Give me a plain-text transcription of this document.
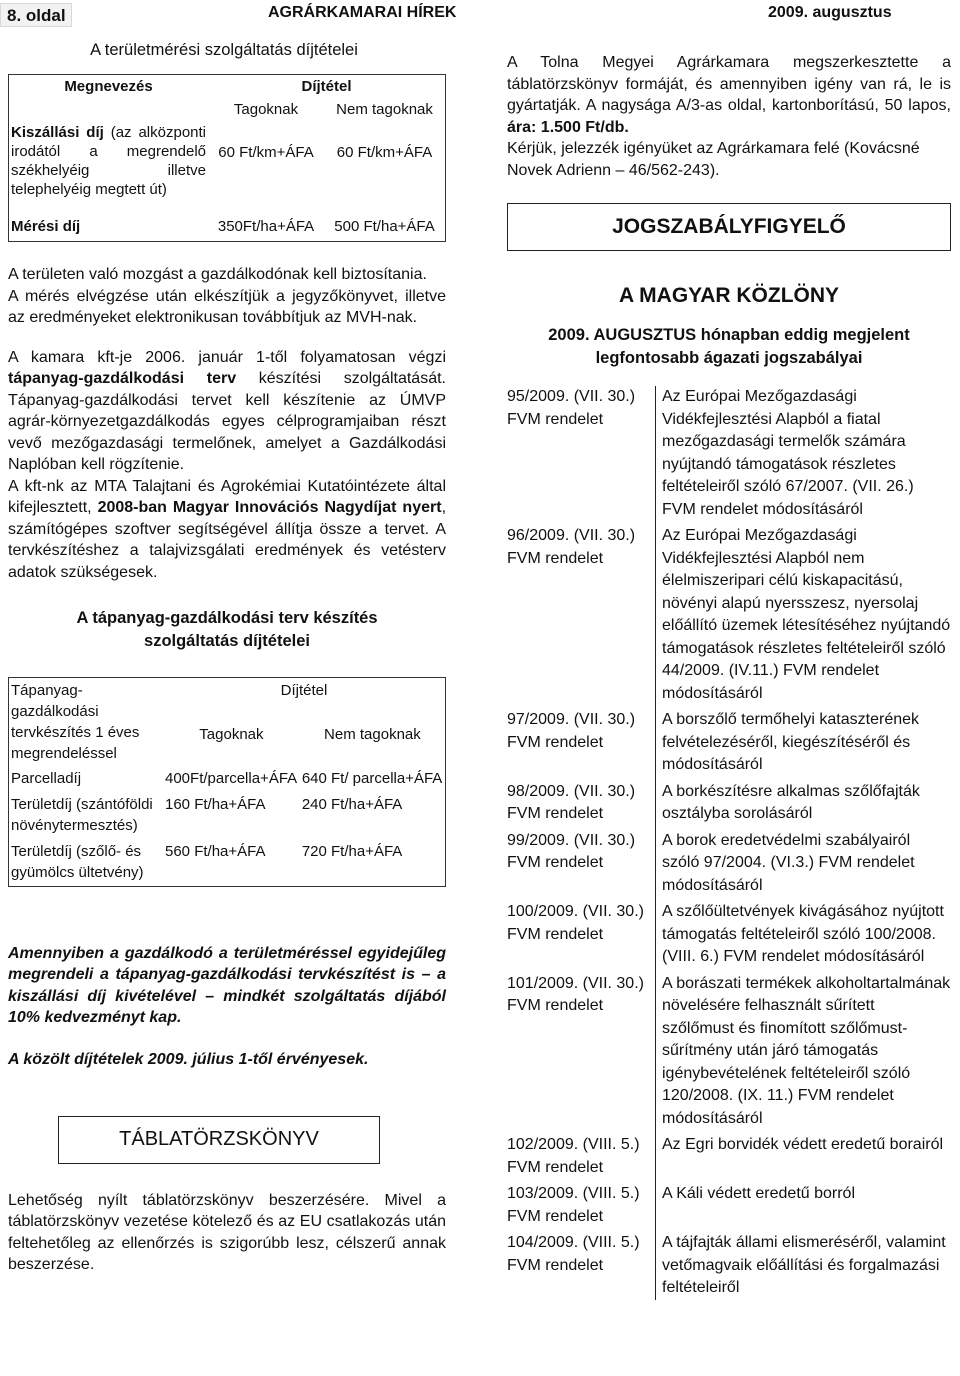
8. oldal	AGRÁRKAMARAI HÍREK	2009. augusztus
A területmérési szolgáltatás díjtételei
Megnevezés	Díjtétel	
	Tagoknak	Nem tagoknak
Kiszállási díj (az alközponti irodától a megrendelő székhelyéig illetve telephelyéig megtett út)	60 Ft/km+ÁFA	60 Ft/km+ÁFA
Mérési díj	350Ft/ha+ÁFA	500 Ft/ha+ÁFA

A területen való mozgást a gazdálkodónak kell biztosítania.

A mérés elvégzése után elkészítjük a jegyzőkönyvet, illetve az eredményeket elektronikusan továbbítjuk az MVH-nak.

A kamara kft-je 2006. január 1-től folyamatosan végzi tápanyag-gazdálkodási terv készítési szolgáltatását. Tápanyag-gazdálkodási tervet kell készítenie az ÚMVP agrár-környezetgazdálkodás egyes célprogramjaiban részt vevő mezőgazdasági termelőnek, amelyet a Gazdálkodási Naplóban kell rögzítenie.

A kft-nk az MTA Talajtani és Agrokémiai Kutatóintézete által kifejlesztett, 2008-ban Magyar Innovációs Nagydíjat nyert, számítógépes szoftver segítségével állítja össze a tervet. A tervkészítéshez a talajvizsgálati eredmények és vetésterv adatok szükségesek.

A tápanyag-gazdálkodási terv készítés szolgáltatás díjtételei
Tápanyag-gazdálkodási tervkészítés 1 éves megrendeléssel	Díjtétel	
	Tagoknak	Nem tagoknak
Parcelladíj	400Ft/parcella+ÁFA	640 Ft/ parcella+ÁFA
Területdíj (szántóföldi növénytermesztés)	160 Ft/ha+ÁFA	240 Ft/ha+ÁFA
Területdíj (szőlő- és gyümölcs ültetvény)	560 Ft/ha+ÁFA	720 Ft/ha+ÁFA

Amennyiben a gazdálkodó a területméréssel egyidejűleg megrendeli a tápanyag-gazdálkodási tervkészítést is – a kiszállási díj kivételével – mindkét szolgáltatás díjából 10% kedvezményt kap.

A közölt díjtételek 2009. július 1-től érvényesek.

TÁBLATÖRZSKÖNYV

Lehetőség nyílt táblatörzskönyv beszerzésére. Mivel a táblatörzskönyv vezetése kötelező és az EU csatlakozás után feltehetőleg az ellenőrzés is szigorúbb lesz, célszerű annak beszerzése.

A Tolna Megyei Agrárkamara megszerkesztette a táblatörzskönyv formáját, és amennyiben igény van rá, le is gyártatják. A nagysága A/3-as oldal, kartonborítású, 50 lapos, ára: 1.500 Ft/db.

Kérjük, jelezzék igényüket az Agrárkamara felé (Kovácsné Novek Adrienn – 46/562-243).

JOGSZABÁLYFIGYELŐ
A MAGYAR KÖZLÖNY
2009. AUGUSZTUS hónapban eddig megjelent legfontosabb ágazati jogszabályai
95/2009. (VII. 30.) FVM rendelet	Az Európai Mezőgazdasági Vidékfejlesztési Alapból a fiatal mezőgazdasági termelők számára nyújtandó támogatások részletes feltételeiről szóló 67/2007. (VII. 26.) FVM rendelet módosításáról
96/2009. (VII. 30.) FVM rendelet	Az Európai Mezőgazdasági Vidékfejlesztési Alapból nem élelmiszeripari célú kiskapacitású, növényi alapú nyersszesz, nyersolaj előállító üzemek létesítéséhez nyújtandó támogatások részletes feltételeiről szóló 44/2009. (IV.11.) FVM rendelet módosításáról
97/2009. (VII. 30.) FVM rendelet	A borszőlő termőhelyi kataszterének felvételezéséről, kiegészítéséről és módosításáról
98/2009. (VII. 30.) FVM rendelet	A borkészítésre alkalmas szőlőfajták osztályba sorolásáról
99/2009. (VII. 30.) FVM rendelet	A borok eredetvédelmi szabályairól szóló 97/2004. (VI.3.) FVM rendelet módosításáról
100/2009. (VII. 30.) FVM rendelet	A szőlőültetvények kivágásához nyújtott támogatás feltételeiről szóló 100/2008. (VIII. 6.) FVM rendelet módosításáról
101/2009. (VII. 30.) FVM rendelet	A borászati termékek alkoholtartalmának növelésére felhasznált sűrített szőlőmust és finomított szőlőmust-sűrítmény után járó támogatás igénybevételének feltételeiről szóló 120/2008. (IX. 11.) FVM rendelet módosításáról
102/2009. (VIII. 5.) FVM rendelet	Az Egri borvidék védett eredetű borairól
103/2009. (VIII. 5.) FVM rendelet	A Káli védett eredetű borról
104/2009. (VIII. 5.) FVM rendelet	A tájfajták állami elismeréséről, valamint vetőmagvaik előállítási és forgalmazási feltételeiről
